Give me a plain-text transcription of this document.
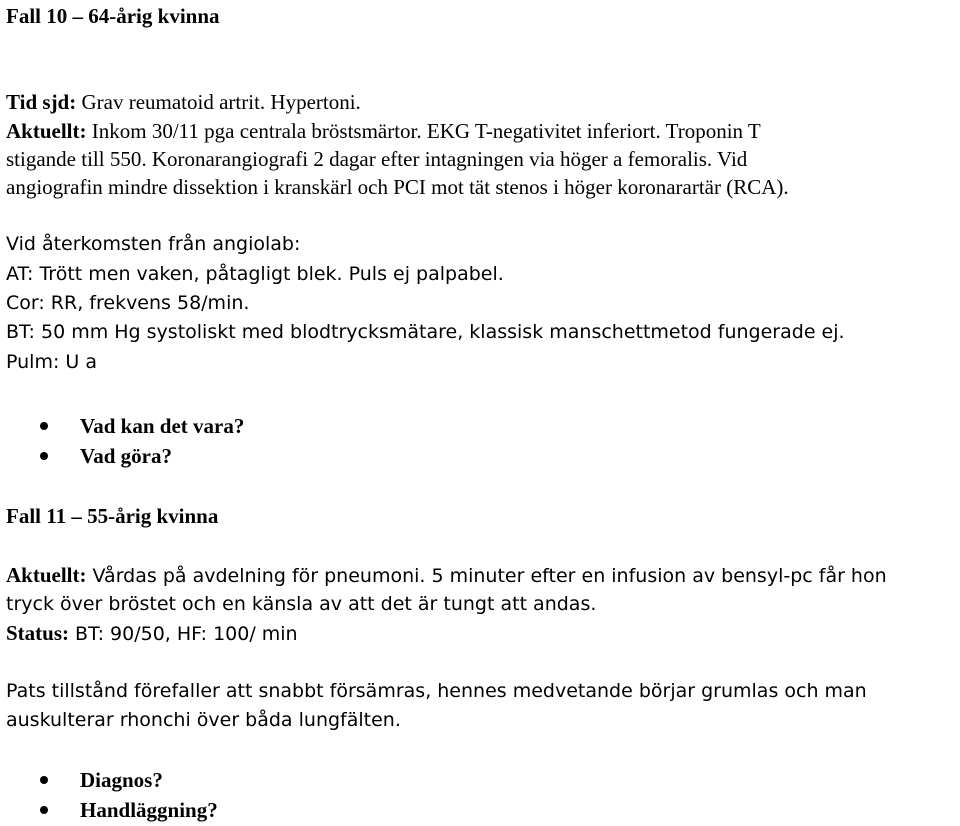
Fall 10 – 64-årig kvinna
Tid sjd: Grav reumatoid artrit. Hypertoni.
Aktuellt: Inkom 30/11 pga centrala bröstsmärtor. EKG T-negativitet inferiort. Troponin T
stigande till 550. Koronarangiografi 2 dagar efter intagningen via höger a femoralis. Vid
angiografin mindre dissektion i kranskärl och PCI mot tät stenos i höger koronarartär (RCA).
Vid återkomsten från angiolab:
AT: Trött men vaken, påtagligt blek. Puls ej palpabel.
Cor: RR, frekvens 58/min.
BT: 50 mm Hg systoliskt med blodtrycksmätare, klassisk manschettmetod fungerade ej.
Pulm: U a
Vad kan det vara?
Vad göra?
Fall 11 – 55-årig kvinna
Aktuellt: Vårdas på avdelning för pneumoni. 5 minuter efter en infusion av bensyl-pc får hon
tryck över bröstet och en känsla av att det är tungt att andas.
Status: BT: 90/50, HF: 100/ min
Pats tillstånd förefaller att snabbt försämras, hennes medvetande börjar grumlas och man
auskulterar rhonchi över båda lungfälten.
Diagnos?
Handläggning?
